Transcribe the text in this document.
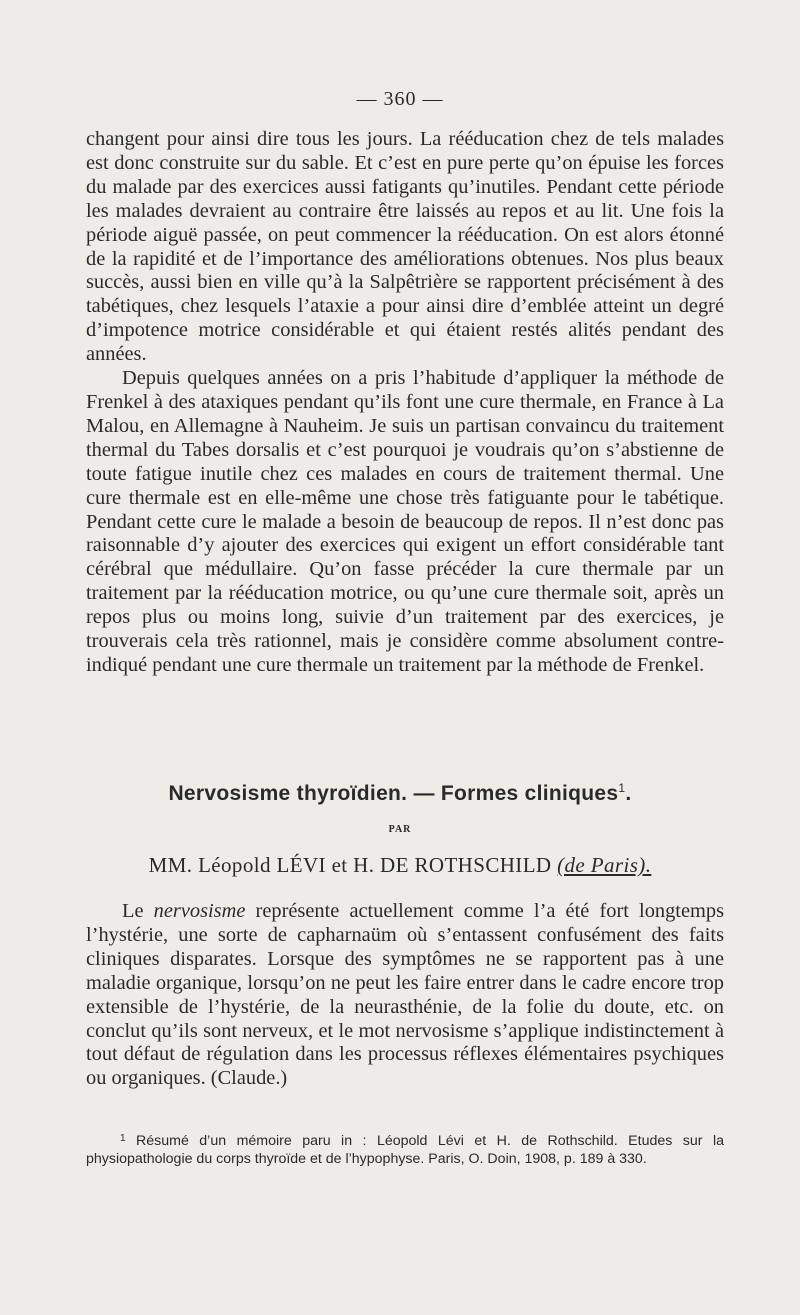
— 360 —

changent pour ainsi dire tous les jours. La rééducation chez de tels malades est donc construite sur du sable. Et c’est en pure perte qu’on épuise les forces du malade par des exercices aussi fatigants qu’inutiles. Pendant cette période les malades devraient au contraire être laissés au repos et au lit. Une fois la période aiguë passée, on peut commencer la rééducation. On est alors étonné de la rapidité et de l’importance des améliorations obtenues. Nos plus beaux succès, aussi bien en ville qu’à la Salpêtrière se rapportent précisément à des tabétiques, chez lesquels l’ataxie a pour ainsi dire d’emblée atteint un degré d’impotence motrice considérable et qui étaient restés alités pendant des années.

Depuis quelques années on a pris l’habitude d’appliquer la méthode de Frenkel à des ataxiques pendant qu’ils font une cure thermale, en France à La Malou, en Allemagne à Nauheim. Je suis un partisan convaincu du traitement thermal du Tabes dorsalis et c’est pourquoi je voudrais qu’on s’abstienne de toute fatigue inutile chez ces malades en cours de traitement thermal. Une cure thermale est en elle-même une chose très fatiguante pour le tabétique. Pendant cette cure le malade a besoin de beaucoup de repos. Il n’est donc pas raisonnable d’y ajouter des exercices qui exigent un effort considérable tant cérébral que médullaire. Qu’on fasse précéder la cure thermale par un traitement par la rééducation motrice, ou qu’une cure thermale soit, après un repos plus ou moins long, suivie d’un traitement par des exercices, je trouverais cela très rationnel, mais je considère comme absolument contre-indiqué pendant une cure thermale un traitement par la méthode de Frenkel.

Nervosisme thyroïdien. — Formes cliniques$^1$.
PAR
MM. Léopold LÉVI et H. DE ROTHSCHILD (de Paris).

Le nervosisme représente actuellement comme l’a été fort longtemps l’hystérie, une sorte de capharnaüm où s’entassent confusément des faits cliniques disparates. Lorsque des symptômes ne se rapportent pas à une maladie organique, lorsqu’on ne peut les faire entrer dans le cadre encore trop extensible de l’hystérie, de la neurasthénie, de la folie du doute, etc. on conclut qu’ils sont nerveux, et le mot nervosisme s’applique indistinctement à tout défaut de régulation dans les processus réflexes élémentaires psychiques ou organiques. (Claude.)

$^1$ Résumé d’un mémoire paru in : Léopold Lévi et H. de Rothschild. Etudes sur la physiopathologie du corps thyroïde et de l’hypophyse. Paris, O. Doin, 1908, p. 189 à 330.
